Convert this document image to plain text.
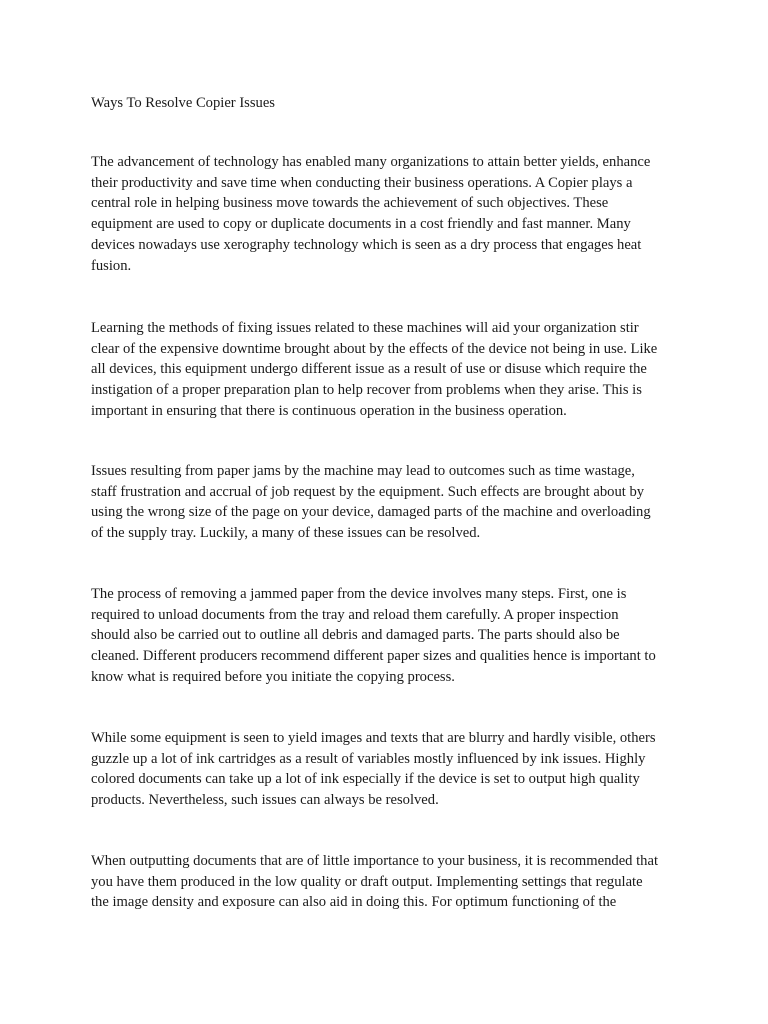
Ways To Resolve Copier Issues

The advancement of technology has enabled many organizations to attain better yields, enhance
their productivity and save time when conducting their business operations. A Copier plays a
central role in helping business move towards the achievement of such objectives. These
equipment are used to copy or duplicate documents in a cost friendly and fast manner. Many
devices nowadays use xerography technology which is seen as a dry process that engages heat
fusion.

Learning the methods of fixing issues related to these machines will aid your organization stir
clear of the expensive downtime brought about by the effects of the device not being in use. Like
all devices, this equipment undergo different issue as a result of use or disuse which require the
instigation of a proper preparation plan to help recover from problems when they arise. This is
important in ensuring that there is continuous operation in the business operation.

Issues resulting from paper jams by the machine may lead to outcomes such as time wastage,
staff frustration and accrual of job request by the equipment. Such effects are brought about by
using the wrong size of the page on your device, damaged parts of the machine and overloading
of the supply tray. Luckily, a many of these issues can be resolved.

The process of removing a jammed paper from the device involves many steps. First, one is
required to unload documents from the tray and reload them carefully. A proper inspection
should also be carried out to outline all debris and damaged parts. The parts should also be
cleaned. Different producers recommend different paper sizes and qualities hence is important to
know what is required before you initiate the copying process.

While some equipment is seen to yield images and texts that are blurry and hardly visible, others
guzzle up a lot of ink cartridges as a result of variables mostly influenced by ink issues. Highly
colored documents can take up a lot of ink especially if the device is set to output high quality
products. Nevertheless, such issues can always be resolved.

When outputting documents that are of little importance to your business, it is recommended that
you have them produced in the low quality or draft output. Implementing settings that regulate
the image density and exposure can also aid in doing this. For optimum functioning of the
